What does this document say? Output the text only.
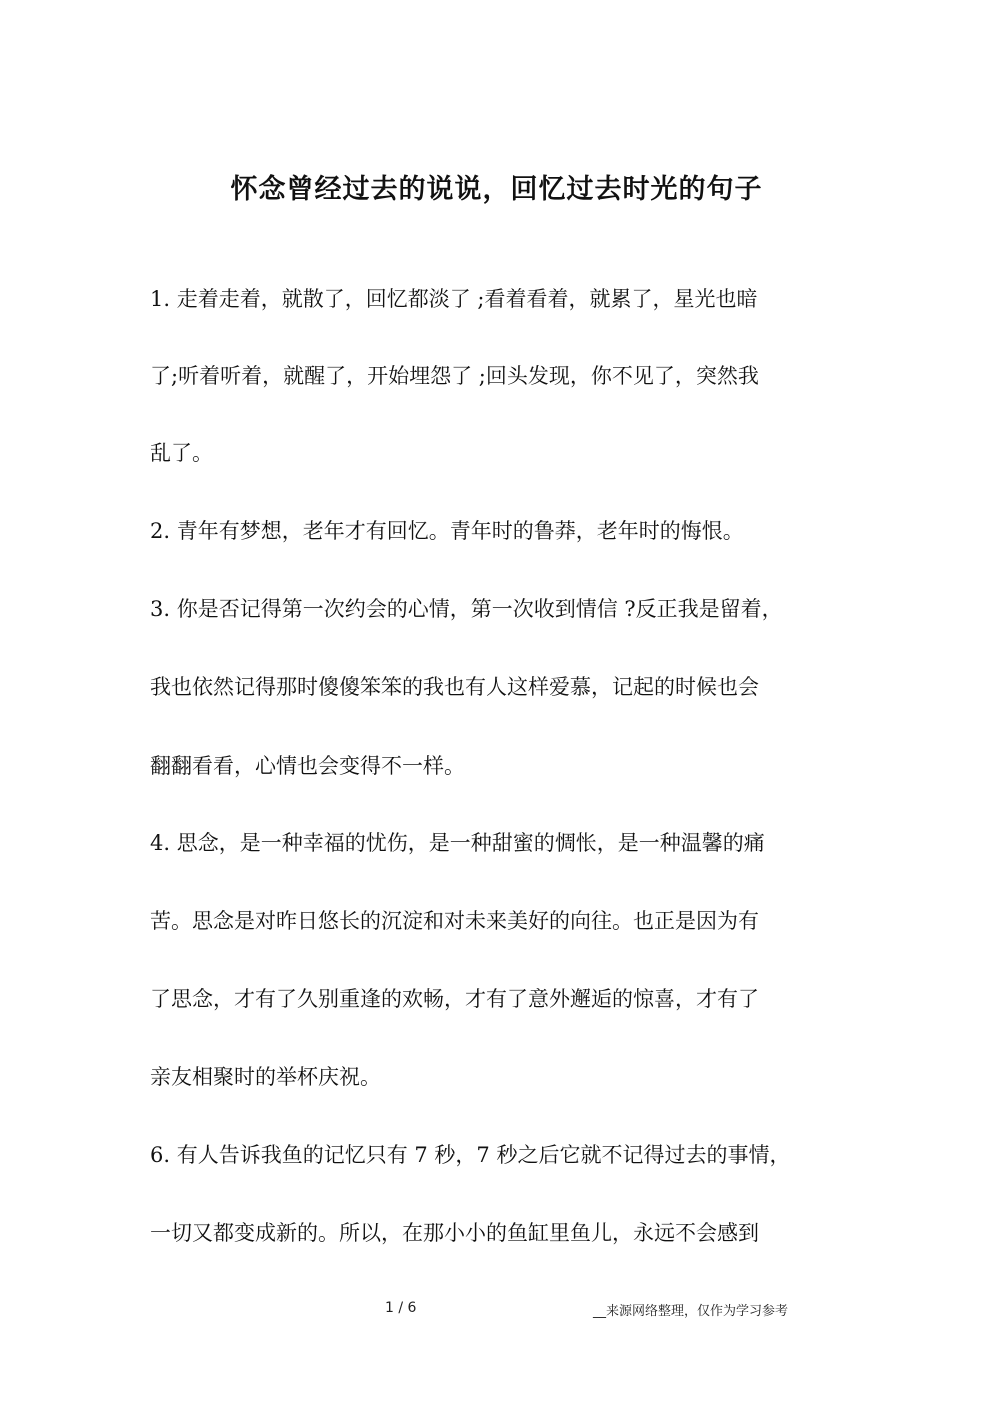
怀念曾经过去的说说，回忆过去时光的句子
1. 走着走着，就散了，回忆都淡了 ;看着看着，就累了，星光也暗
了;听着听着，就醒了，开始埋怨了 ;回头发现，你不见了，突然我
乱了。
2. 青年有梦想，老年才有回忆。青年时的鲁莽，老年时的悔恨。
3. 你是否记得第一次约会的心情，第一次收到情信 ?反正我是留着，
我也依然记得那时傻傻笨笨的我也有人这样爱慕，记起的时候也会
翻翻看看，心情也会变得不一样。
4. 思念，是一种幸福的忧伤，是一种甜蜜的惆怅，是一种温馨的痛
苦。思念是对昨日悠长的沉淀和对未来美好的向往。也正是因为有
了思念，才有了久别重逢的欢畅，才有了意外邂逅的惊喜，才有了
亲友相聚时的举杯庆祝。
6. 有人告诉我鱼的记忆只有 7 秒，7 秒之后它就不记得过去的事情，
一切又都变成新的。所以，在那小小的鱼缸里鱼儿，永远不会感到
1 / 6	__来源网络整理，仅作为学习参考
